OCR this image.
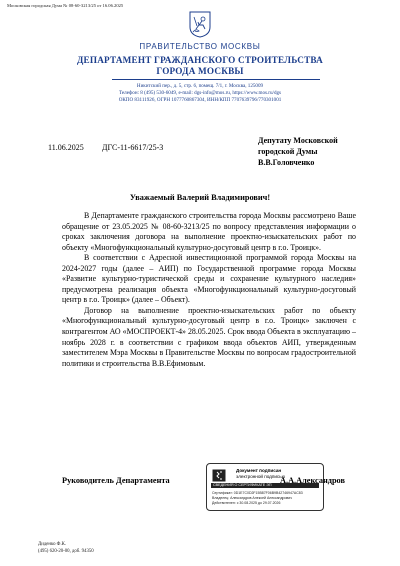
Московская городская Дума № 08-60-3213/25 от 16.06.2025
ПРАВИТЕЛЬСТВО МОСКВЫ
ДЕПАРТАМЕНТ ГРАЖДАНСКОГО СТРОИТЕЛЬСТВА
ГОРОДА МОСКВЫ
Никитский пер., д. 5, стр. 6, помещ. 7/1, г. Москва, 125009
Телефон: 8 (495) 530-6049, e-mail: dgs-info@mos.ru, https://www.mos.ru/dgs
ОКПО 83111926, ОГРН 1077760867304, ИНН/КПП 7707639796/770301001
11.06.2025 ДГС-11-6617/25-3
Депутату Московской
городской Думы
В.В.Головченко
Уважаемый Валерий Владимирович!

В Департаменте гражданского строительства города Москвы рассмотрено Ваше обращение от 23.05.2025 № 08-60-3213/25 по вопросу представления информации о сроках заключения договора на выполнение проектно-изыскательских работ по объекту «Многофункциональный культурно-досуговый центр в г.о. Троицк».

В соответствии с Адресной инвестиционной программой города Москвы на 2024-2027 годы (далее – АИП) по Государственной программе города Москвы «Развитие культурно-туристической среды и сохранение культурного наследия» предусмотрена реализация объекта «Многофункциональный культурно-досуговый центр в г.о. Троицк» (далее – Объект).

Договор на выполнение проектно-изыскательских работ по объекту «Многофункциональный культурно-досуговый центр в г.о. Троицк» заключен с контрагентом АО «МОСПРОЕКТ-4» 28.05.2025. Срок ввода Объекта в эксплуатацию – ноябрь 2028 г. в соответствии с графиком ввода объектов АИП, утвержденным заместителем Мэра Москвы в Правительстве Москвы по вопросам градостроительной политики и строительства В.В.Ефимовым.

Руководитель Департамента
Документ подписан
электронной подписью
СВЕДЕНИЯ О СЕРТИФИКАТЕ ЭП
Сертификат: 0D1E7C0D2F15B87F06B9B42746947AC83
Владелец: Александров Алексей Александрович
Действителен: с 30.08.2025 до 29.07.2026
А.А.Александров
Диденко Ф.К.
(495) 620-20-00, доб. 94350
